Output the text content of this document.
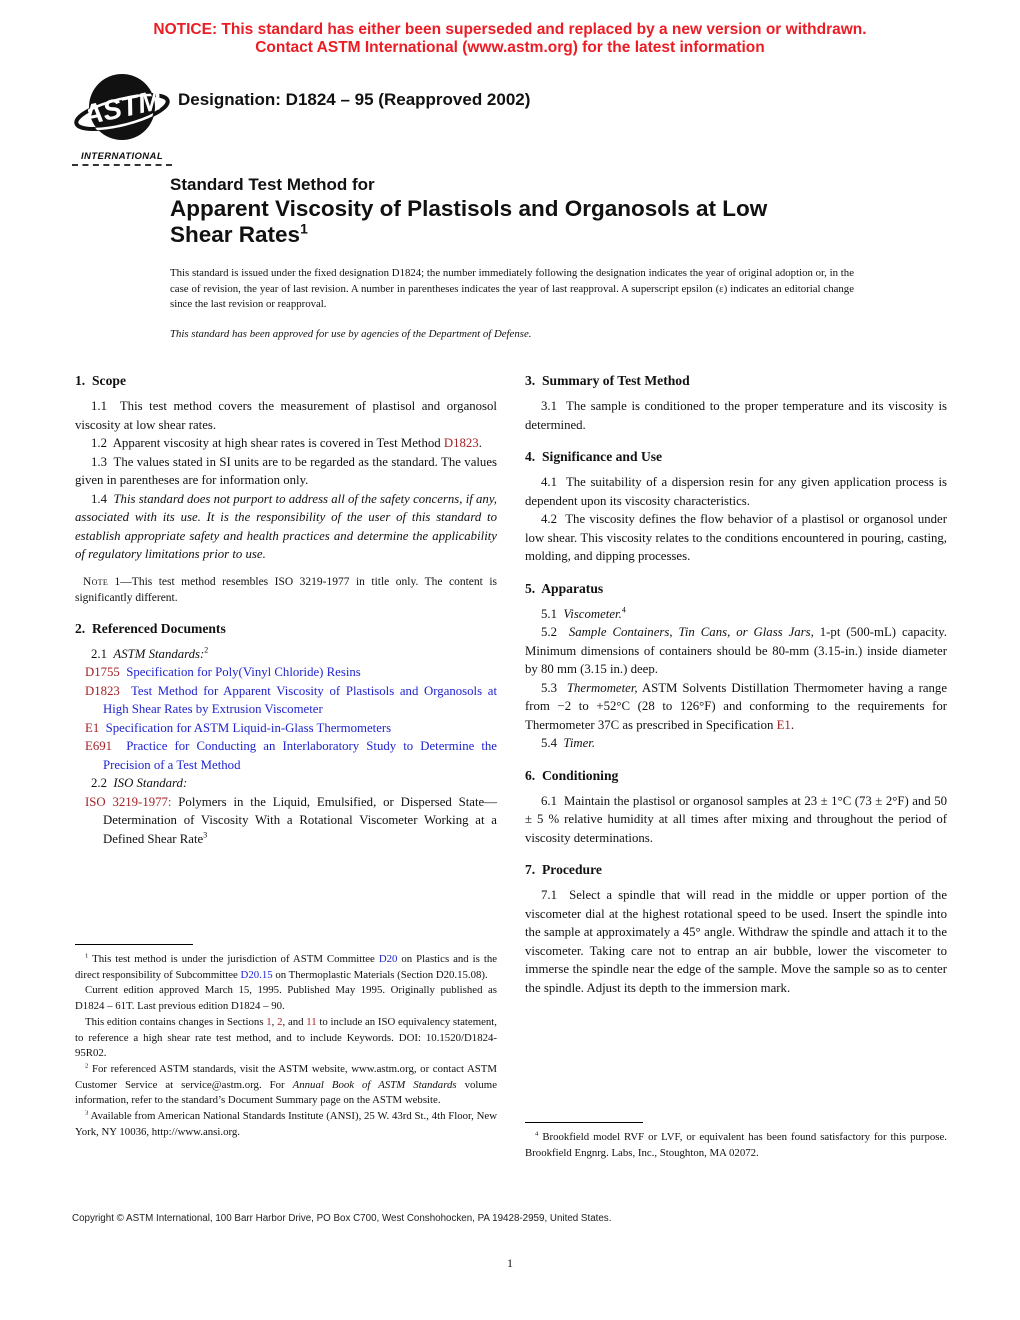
NOTICE: This standard has either been superseded and replaced by a new version or withdrawn.
Contact ASTM International (www.astm.org) for the latest information
ASTM
INTERNATIONAL
Designation: D1824 – 95 (Reapproved 2002)
Standard Test Method for
Apparent Viscosity of Plastisols and Organosols at Low
Shear Rates$^1$
This standard is issued under the fixed designation D1824; the number immediately following the designation indicates the year of original adoption or, in the case of revision, the year of last revision. A number in parentheses indicates the year of last reapproval. A superscript epsilon (ε) indicates an editorial change since the last revision or reapproval.
This standard has been approved for use by agencies of the Department of Defense.
1.  Scope

1.1  This test method covers the measurement of plastisol and organosol viscosity at low shear rates.

1.2  Apparent viscosity at high shear rates is covered in Test Method D1823.

1.3  The values stated in SI units are to be regarded as the standard. The values given in parentheses are for information only.

1.4  This standard does not purport to address all of the safety concerns, if any, associated with its use. It is the responsibility of the user of this standard to establish appropriate safety and health practices and determine the applicability of regulatory limitations prior to use.

Note 1—This test method resembles ISO 3219-1977 in title only. The content is significantly different.

2.  Referenced Documents

2.1  ASTM Standards:$^2$

D1755 Specification for Poly(Vinyl Chloride) Resins

D1823 Test Method for Apparent Viscosity of Plastisols and Organosols at High Shear Rates by Extrusion Viscometer

E1 Specification for ASTM Liquid-in-Glass Thermometers

E691 Practice for Conducting an Interlaboratory Study to Determine the Precision of a Test Method

2.2  ISO Standard:

ISO 3219-1977: Polymers in the Liquid, Emulsified, or Dispersed State—Determination of Viscosity With a Rotational Viscometer Working at a Defined Shear Rate$^3$

$^1$ This test method is under the jurisdiction of ASTM Committee D20 on Plastics and is the direct responsibility of Subcommittee D20.15 on Thermoplastic Materials (Section D20.15.08).

Current edition approved March 15, 1995. Published May 1995. Originally published as D1824 – 61T. Last previous edition D1824 – 90.

This edition contains changes in Sections 1, 2, and 11 to include an ISO equivalency statement, to reference a high shear rate test method, and to include Keywords. DOI: 10.1520/D1824-95R02.

$^2$ For referenced ASTM standards, visit the ASTM website, www.astm.org, or contact ASTM Customer Service at service@astm.org. For Annual Book of ASTM Standards volume information, refer to the standard’s Document Summary page on the ASTM website.

$^3$ Available from American National Standards Institute (ANSI), 25 W. 43rd St., 4th Floor, New York, NY 10036, http://www.ansi.org.

3.  Summary of Test Method

3.1  The sample is conditioned to the proper temperature and its viscosity is determined.

4.  Significance and Use

4.1  The suitability of a dispersion resin for any given application process is dependent upon its viscosity characteristics.

4.2  The viscosity defines the flow behavior of a plastisol or organosol under low shear. This viscosity relates to the conditions encountered in pouring, casting, molding, and dipping processes.

5.  Apparatus

5.1  Viscometer.$^4$

5.2  Sample Containers, Tin Cans, or Glass Jars, 1-pt (500-mL) capacity. Minimum dimensions of containers should be 80-mm (3.15-in.) inside diameter by 80 mm (3.15 in.) deep.

5.3  Thermometer, ASTM Solvents Distillation Thermometer having a range from −2 to +52°C (28 to 126°F) and conforming to the requirements for Thermometer 37C as prescribed in Specification E1.

5.4  Timer.

6.  Conditioning

6.1  Maintain the plastisol or organosol samples at 23 ± 1°C (73 ± 2°F) and 50 ± 5 % relative humidity at all times after mixing and throughout the period of viscosity determinations.

7.  Procedure

7.1  Select a spindle that will read in the middle or upper portion of the viscometer dial at the highest rotational speed to be used. Insert the spindle into the sample at approximately a 45° angle. Withdraw the spindle and attach it to the viscometer. Taking care not to entrap an air bubble, lower the viscometer to immerse the spindle near the edge of the sample. Move the sample so as to center the spindle. Adjust its depth to the immersion mark.

$^4$ Brookfield model RVF or LVF, or equivalent has been found satisfactory for this purpose. Brookfield Engnrg. Labs, Inc., Stoughton, MA 02072.

Copyright © ASTM International, 100 Barr Harbor Drive, PO Box C700, West Conshohocken, PA 19428-2959, United States.
1
